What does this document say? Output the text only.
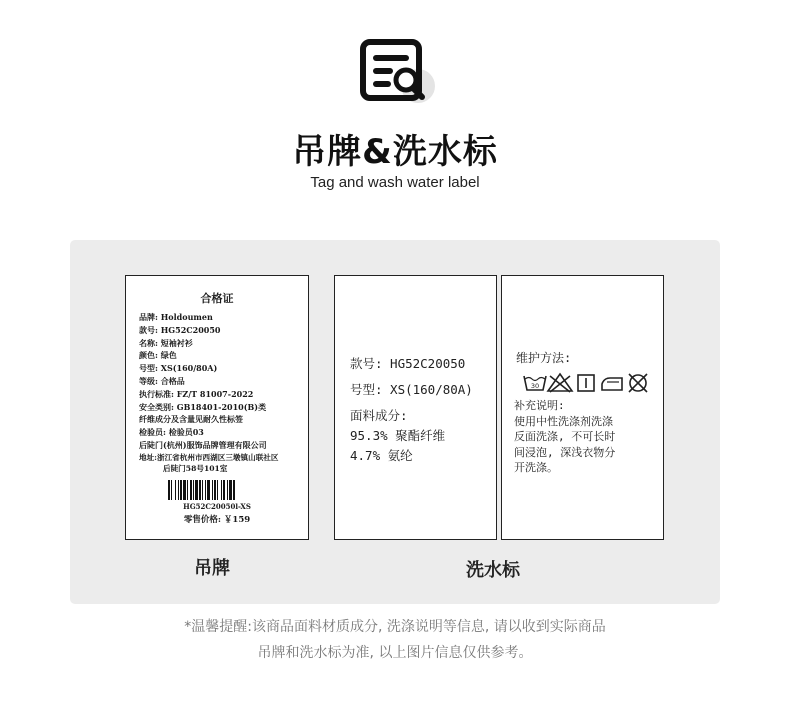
吊牌&洗水标
Tag and wash water label
合格证
品牌: Holdoumen
款号: HG52C20050
名称: 短袖衬衫
颜色: 绿色
号型: XS(160/80A)
等级: 合格品
执行标准: FZ/T 81007-2022
安全类别: GB18401-2010(B)类
纤维成分及含量见耐久性标签
检验员: 检验员03
后陡门(杭州)服饰品牌管理有限公司
地址:浙江省杭州市西湖区三墩镇山联社区
后陡门58号101室
HG52C20050l-XS
零售价格: ￥159
款号: HG52C20050
号型: XS(160/80A)
面料成分:
95.3% 聚酯纤维
4.7% 氨纶
维护方法:
30
补充说明:
使用中性洗涤剂洗涤
反面洗涤, 不可长时
间浸泡, 深浅衣物分
开洗涤。
吊牌	洗水标
*温馨提醒:该商品面料材质成分, 洗涤说明等信息, 请以收到实际商品
吊牌和洗水标为准, 以上图片信息仅供参考。
